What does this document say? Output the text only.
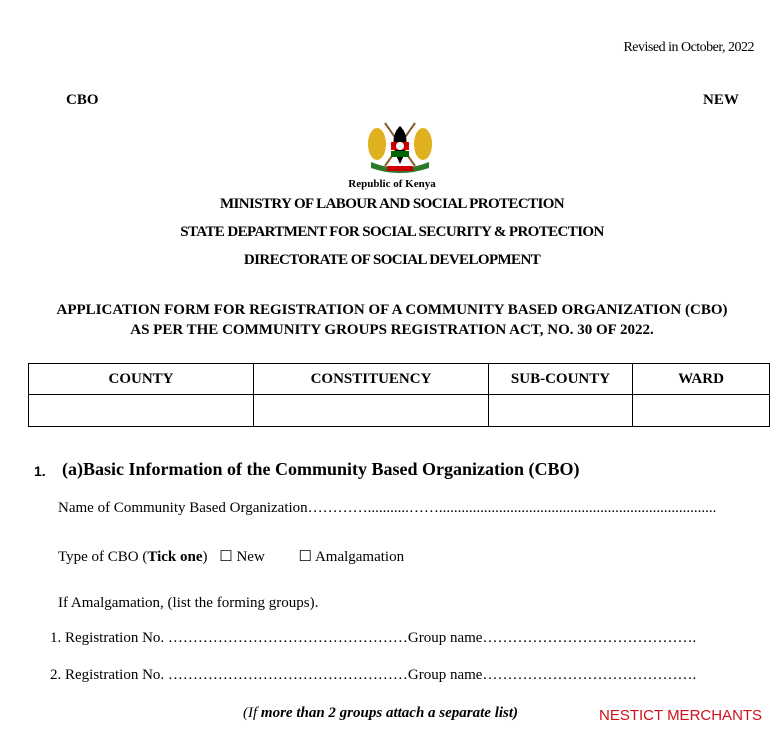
Revised in October, 2022
CBO	NEW
Republic of Kenya
MINISTRY OF LABOUR AND SOCIAL PROTECTION
STATE DEPARTMENT FOR SOCIAL SECURITY & PROTECTION
DIRECTORATE OF SOCIAL DEVELOPMENT
APPLICATION FORM FOR REGISTRATION OF A COMMUNITY BASED ORGANIZATION (CBO)
AS PER THE COMMUNITY GROUPS REGISTRATION ACT, NO. 30 OF 2022.
COUNTY	CONSTITUENCY	SUB-COUNTY	WARD

1. (a)Basic Information of the Community Based Organization (CBO)
Name of Community Based Organization…………...........……..........................................................................
Type of CBO (Tick one) ☐ New ☐ Amalgamation
If Amalgamation, (list the forming groups).
1. Registration No. …………………………………………Group name…………………………………….
2. Registration No. …………………………………………Group name…………………………………….
(If more than 2 groups attach a separate list)	NESTICT MERCHANTS
